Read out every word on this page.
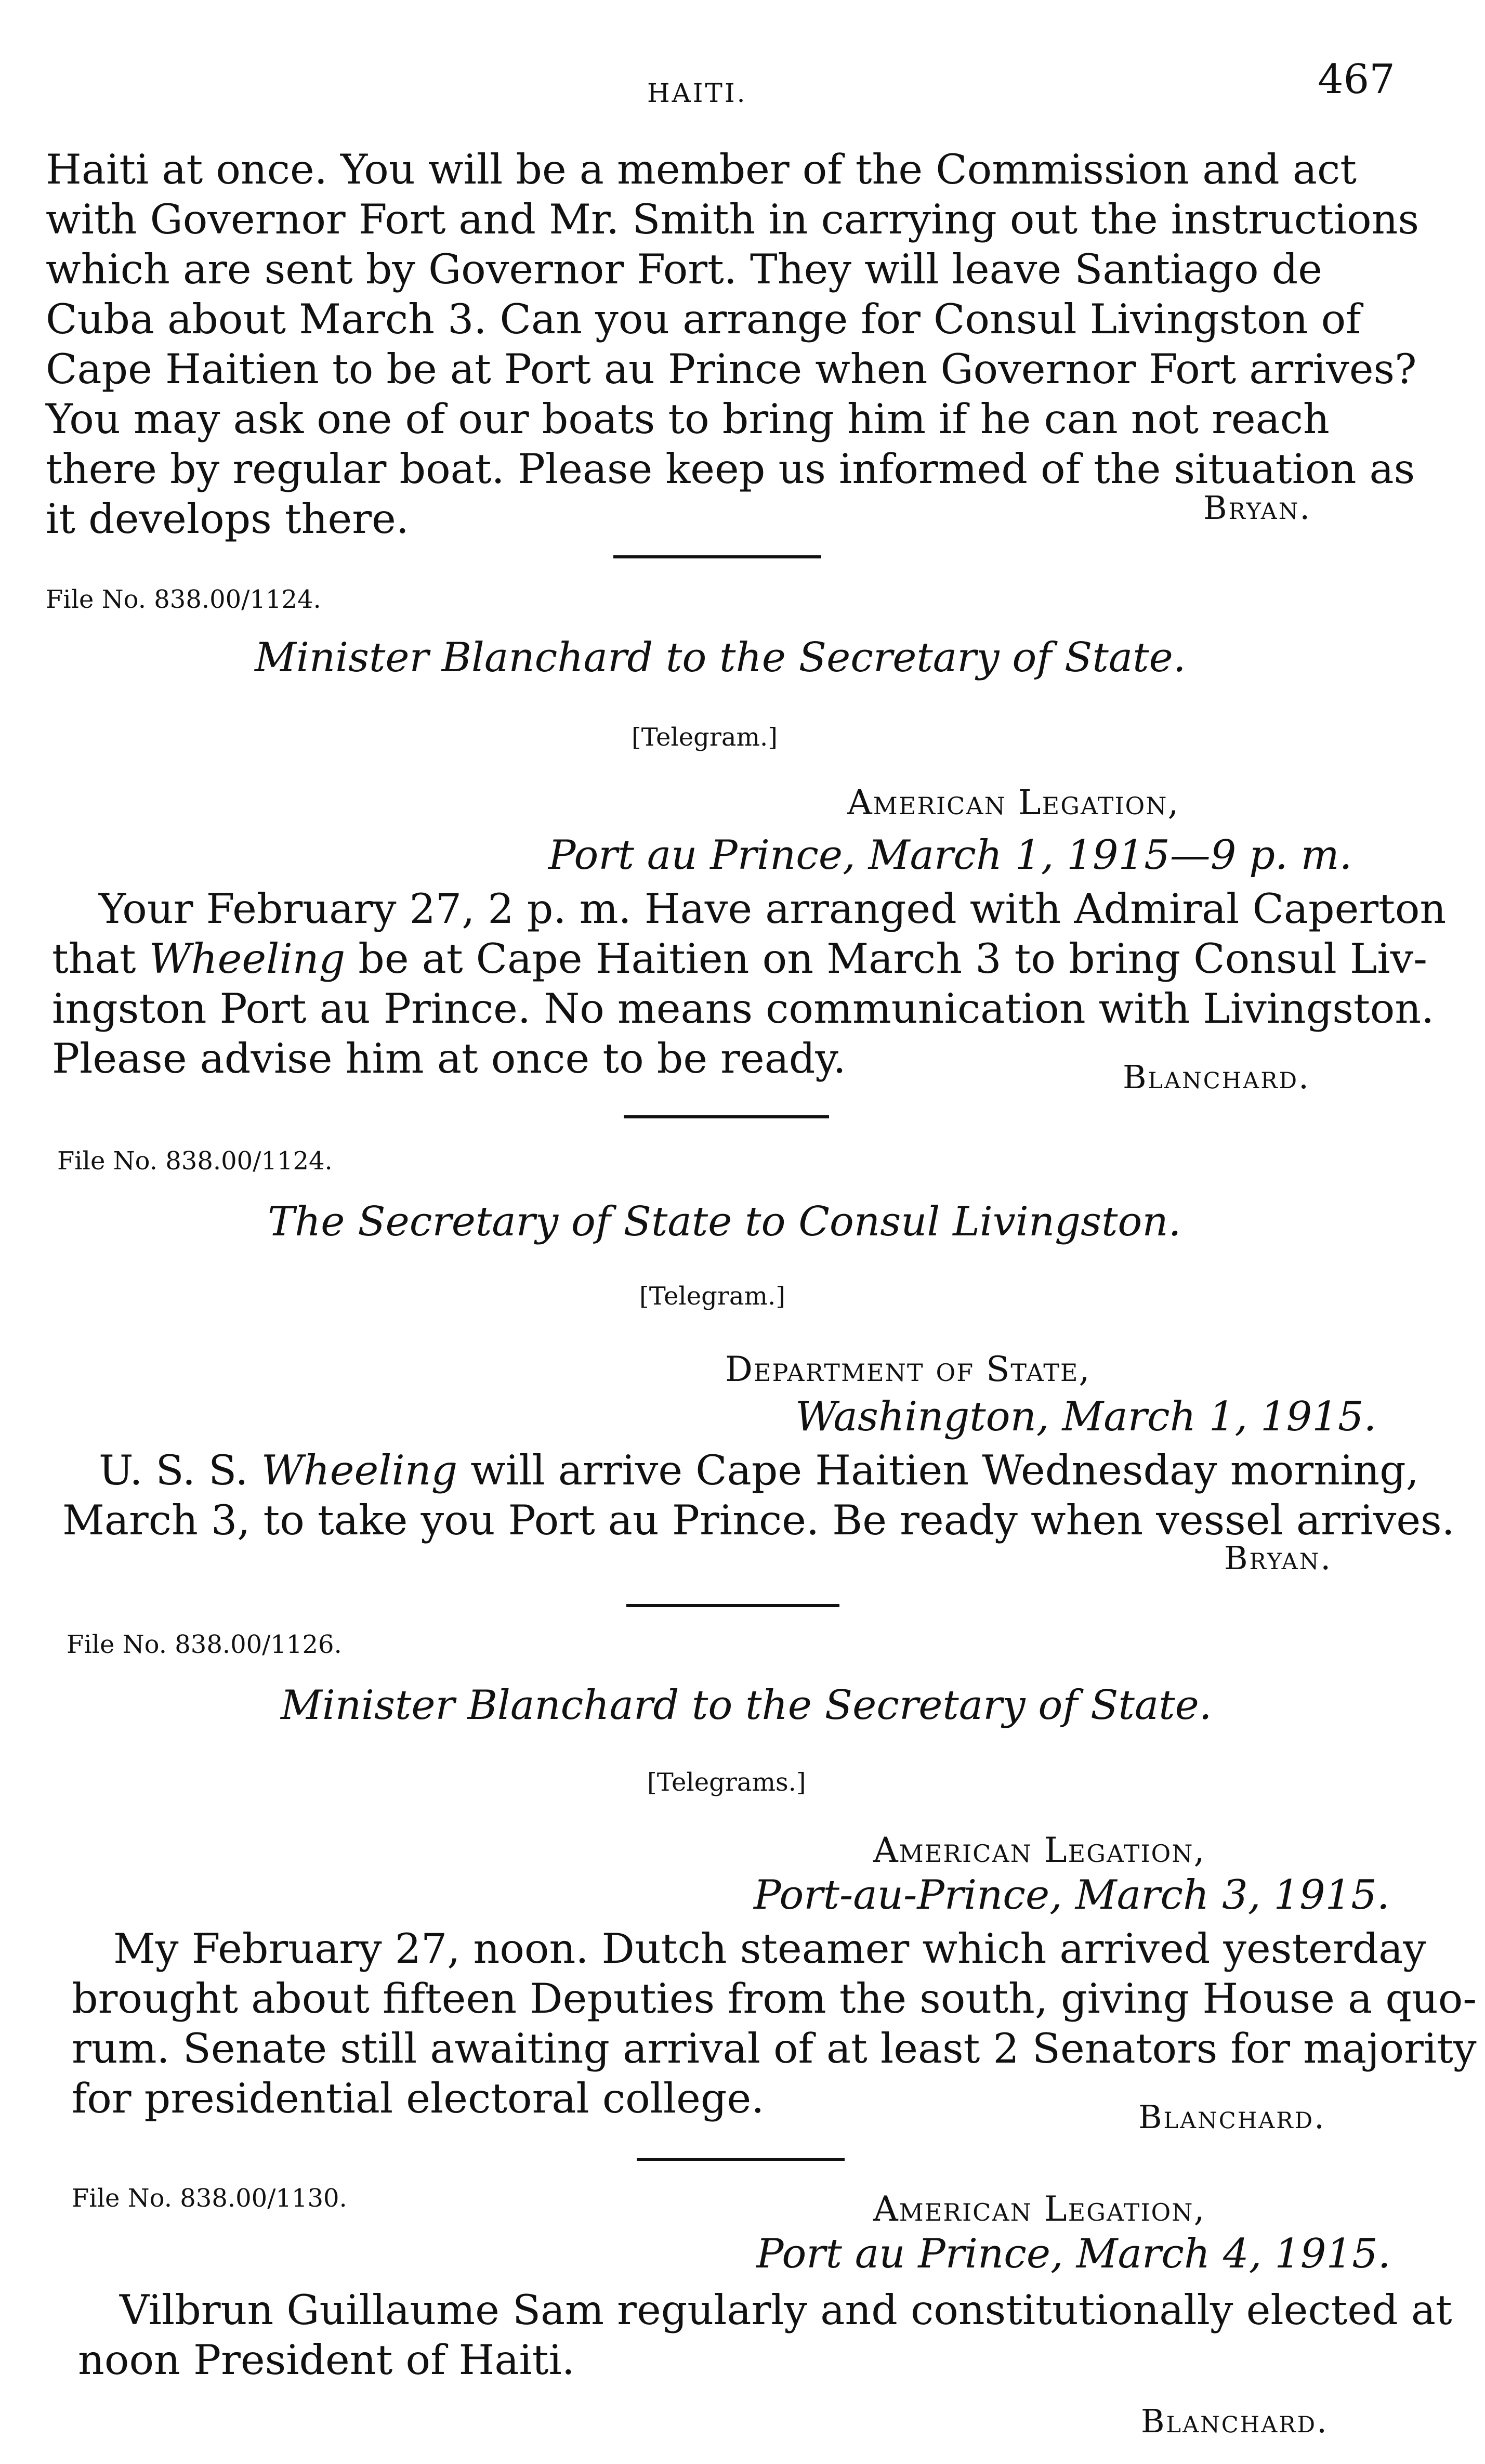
HAITI.	467
Haiti at once. You will be a member of the Commission and act
with Governor Fort and Mr. Smith in carrying out the instructions
which are sent by Governor Fort. They will leave Santiago de
Cuba about March 3. Can you arrange for Consul Livingston of
Cape Haitien to be at Port au Prince when Governor Fort arrives?
You may ask one of our boats to bring him if he can not reach
there by regular boat. Please keep us informed of the situation as
it develops there.	Bryan.
File No. 838.00/1124.
Minister Blanchard to the Secretary of State.
[Telegram.]
American Legation,
Port au Prince, March 1, 1915—9 p. m.
Your February 27, 2 p. m. Have arranged with Admiral Caperton
that Wheeling be at Cape Haitien on March 3 to bring Consul Liv-
ingston Port au Prince. No means communication with Livingston.
Please advise him at once to be ready.	Blanchard.
File No. 838.00/1124.
The Secretary of State to Consul Livingston.
[Telegram.]
Department of State,
Washington, March 1, 1915.
U. S. S. Wheeling will arrive Cape Haitien Wednesday morning,
March 3, to take you Port au Prince. Be ready when vessel arrives.
Bryan.
File No. 838.00/1126.
Minister Blanchard to the Secretary of State.
[Telegrams.]
American Legation,
Port-au-Prince, March 3, 1915.
My February 27, noon. Dutch steamer which arrived yesterday
brought about fifteen Deputies from the south, giving House a quo-
rum. Senate still awaiting arrival of at least 2 Senators for majority
for presidential electoral college.	Blanchard.
File No. 838.00/1130.	American Legation,
Port au Prince, March 4, 1915.
Vilbrun Guillaume Sam regularly and constitutionally elected at
noon President of Haiti.
Blanchard.
